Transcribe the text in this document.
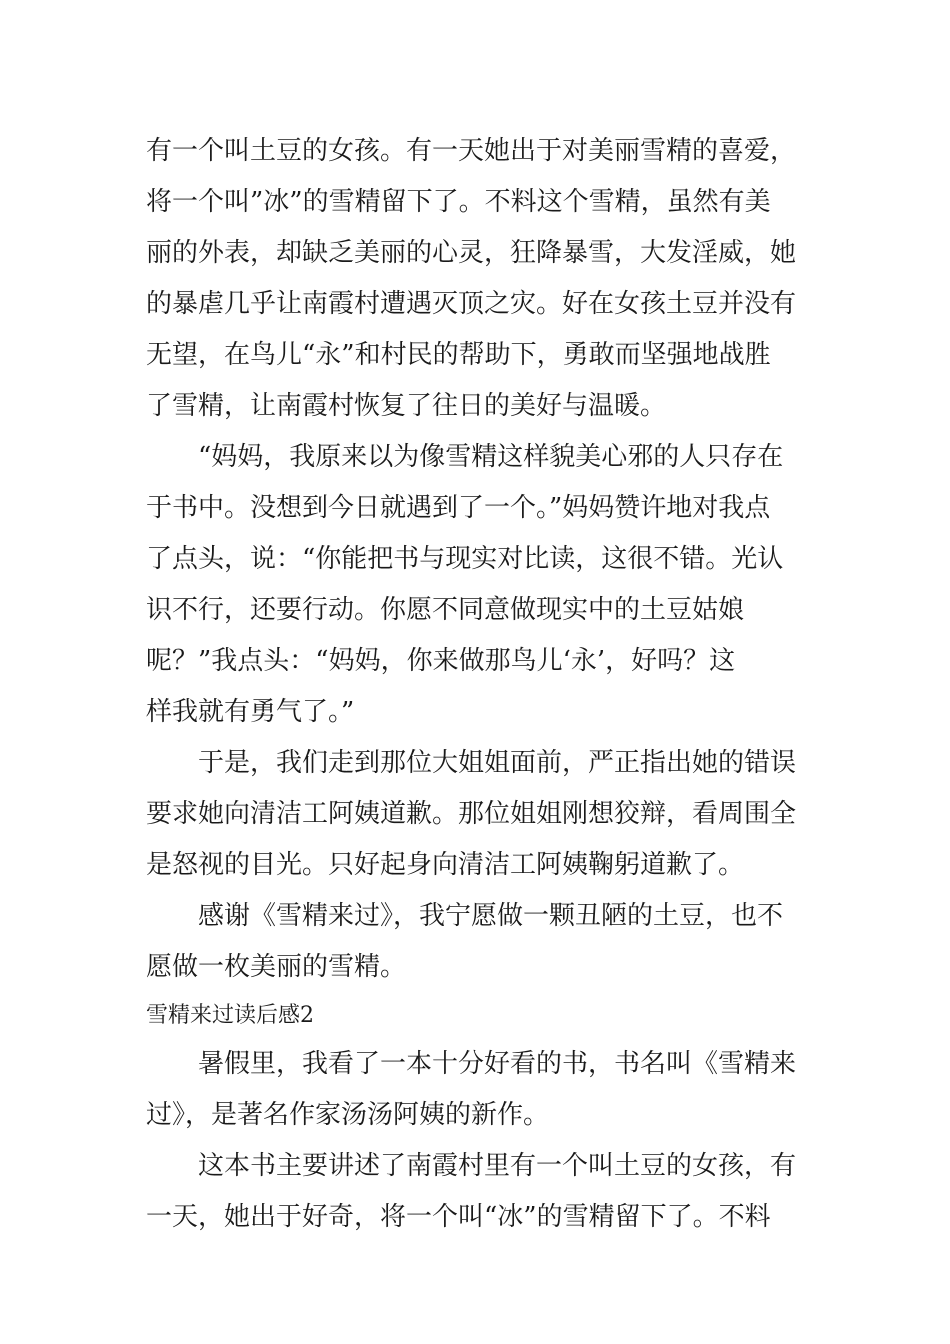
有一个叫土豆的女孩。有一天她出于对美丽雪精的喜爱，
将一个叫”冰”的雪精留下了。不料这个雪精，虽然有美
丽的外表，却缺乏美丽的心灵，狂降暴雪，大发淫威，她
的暴虐几乎让南霞村遭遇灭顶之灾。好在女孩土豆并没有
无望，在鸟儿“永”和村民的帮助下，勇敢而坚强地战胜
了雪精，让南霞村恢复了往日的美好与温暖。
“妈妈，我原来以为像雪精这样貌美心邪的人只存在
于书中。没想到今日就遇到了一个。”妈妈赞许地对我点
了点头，说：“你能把书与现实对比读，这很不错。光认
识不行，还要行动。你愿不同意做现实中的土豆姑娘
呢？”我点头：“妈妈，你来做那鸟儿‘永’，好吗？这
样我就有勇气了。”
于是，我们走到那位大姐姐面前，严正指出她的错误
要求她向清洁工阿姨道歉。那位姐姐刚想狡辩，看周围全
是怒视的目光。只好起身向清洁工阿姨鞠躬道歉了。
感谢《雪精来过》，我宁愿做一颗丑陋的土豆，也不
愿做一枚美丽的雪精。
雪精来过读后感2
暑假里，我看了一本十分好看的书，书名叫《雪精来
过》，是著名作家汤汤阿姨的新作。
这本书主要讲述了南霞村里有一个叫土豆的女孩，有
一天，她出于好奇，将一个叫“冰”的雪精留下了。不料
